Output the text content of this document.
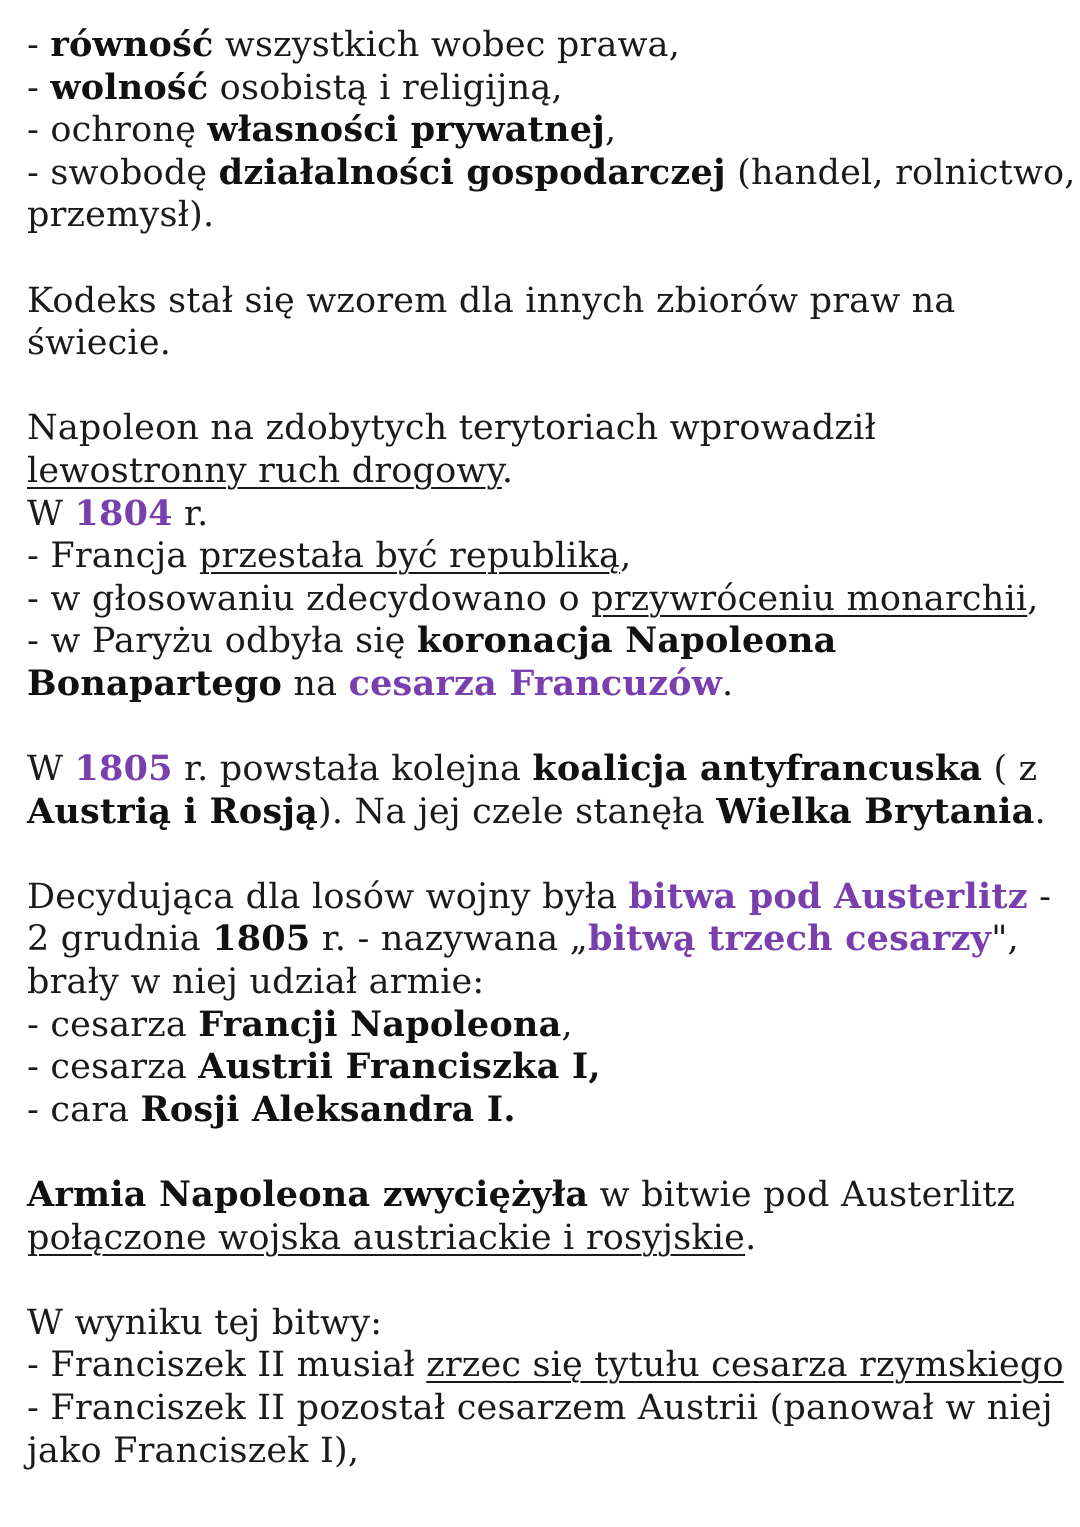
- równość wszystkich wobec prawa,
- wolność osobistą i religijną,
- ochronę własności prywatnej,
- swobodę działalności gospodarczej (handel, rolnictwo,
przemysł).
Kodeks stał się wzorem dla innych zbiorów praw na
świecie.
Napoleon na zdobytych terytoriach wprowadził
lewostronny ruch drogowy.
W 1804 r.
- Francja przestała być republiką,
- w głosowaniu zdecydowano o przywróceniu monarchii,
- w Paryżu odbyła się koronacja Napoleona
Bonapartego na cesarza Francuzów.
W 1805 r. powstała kolejna koalicja antyfrancuska ( z
Austrią i Rosją). Na jej czele stanęła Wielka Brytania.
Decydująca dla losów wojny była bitwa pod Austerlitz -
2 grudnia 1805 r. - nazywana „bitwą trzech cesarzy",
brały w niej udział armie:
- cesarza Francji Napoleona,
- cesarza Austrii Franciszka I,
- cara Rosji Aleksandra I.
Armia Napoleona zwyciężyła w bitwie pod Austerlitz
połączone wojska austriackie i rosyjskie.
W wyniku tej bitwy:
- Franciszek II musiał zrzec się tytułu cesarza rzymskiego
- Franciszek II pozostał cesarzem Austrii (panował w niej
jako Franciszek I),
